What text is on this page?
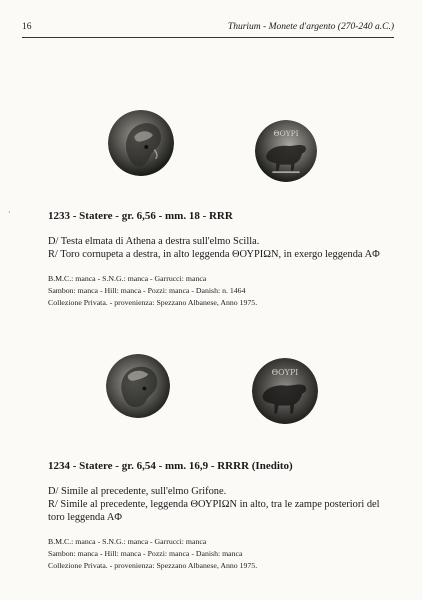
16	Thurium - Monete d'argento (270-240 a.C.)
·
ΘΟΥΡΙ

1233 - Statere - gr. 6,56 - mm. 18 - RRR

D/ Testa elmata di Athena a destra sull'elmo Scilla.

R/ Toro cornupeta a destra, in alto leggenda ΘΟΥΡΙΩΝ, in exergo leggenda AΦ

B.M.C.: manca - S.N.G.: manca - Garrucci: manca

Sambon: manca - Hill: manca - Pozzi: manca - Danish: n. 1464

Collezione Privata. - provenienza: Spezzano Albanese, Anno 1975.

ΘΟΥΡΙ

1234 - Statere - gr. 6,54 - mm. 16,9 - RRRR (Inedito)

D/ Simile al precedente, sull'elmo Grifone.

R/ Simile al precedente, leggenda ΘΟΥΡΙΩΝ in alto, tra le zampe posteriori del toro leggenda AΦ

B.M.C.: manca - S.N.G.: manca - Garrucci: manca

Sambon: manca - Hill: manca - Pozzi: manca - Danish: manca

Collezione Privata. - provenienza: Spezzano Albanese, Anno 1975.
